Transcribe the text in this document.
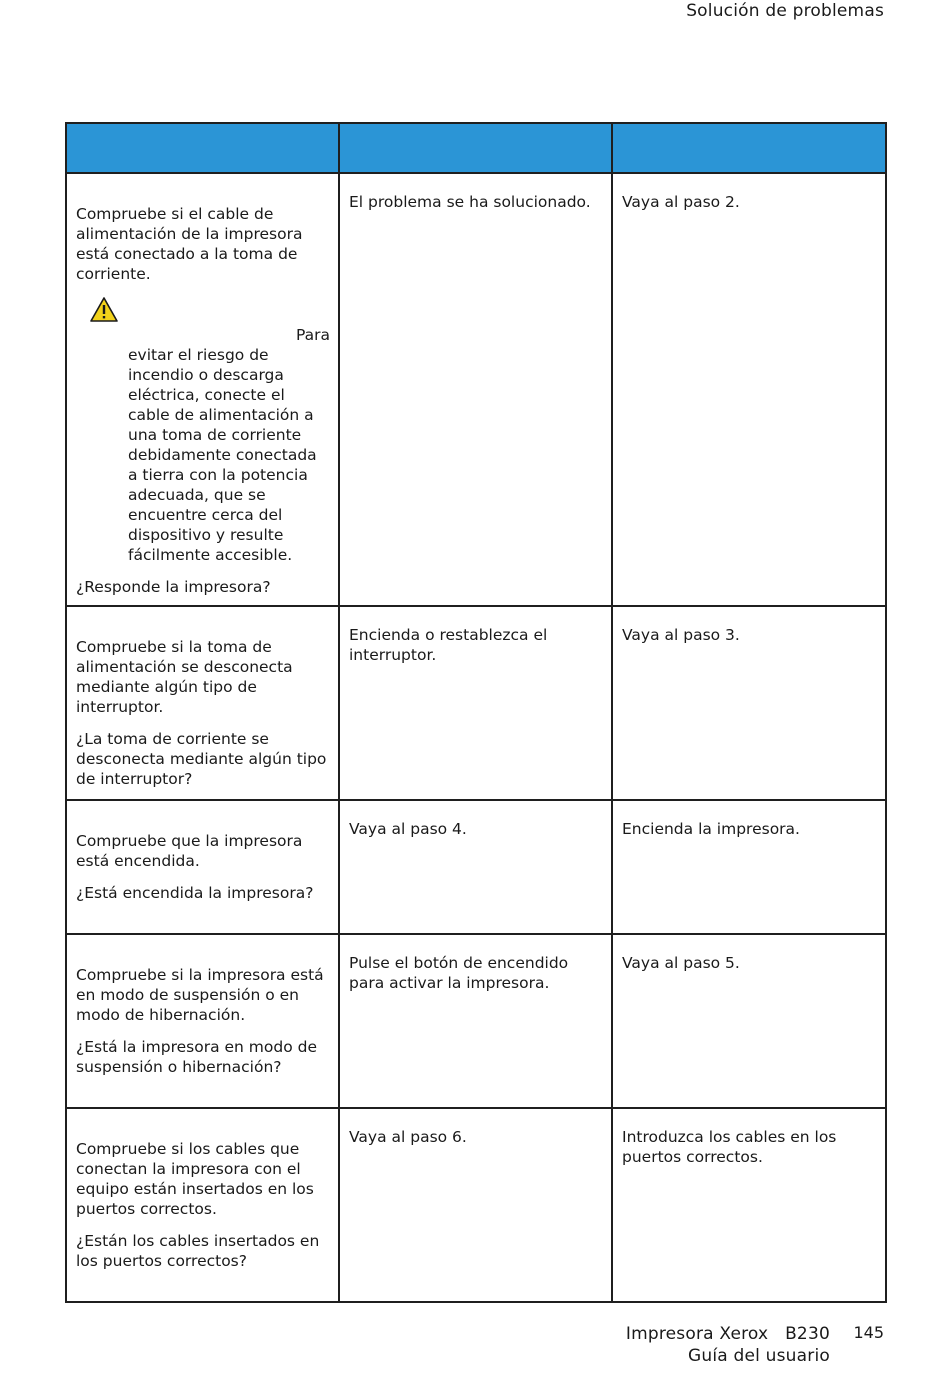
Solución de problemas

Compruebe si el cable de alimentación de la impresora está conectado a la toma de corriente.

Para
evitar el riesgo de incendio o descarga eléctrica, conecte el cable de alimentación a una toma de corriente debidamente conectada a tierra con la potencia adecuada, que se encuentre cerca del dispositivo y resulte fácilmente accesible.

¿Responde la impresora?	El problema se ha solucionado.	Vaya al paso 2.

Compruebe si la toma de alimentación se desconecta mediante algún tipo de interruptor.

¿La toma de corriente se desconecta mediante algún tipo de interruptor?	Encienda o restablezca el interruptor.	Vaya al paso 3.

Compruebe que la impresora está encendida.

¿Está encendida la impresora?	Vaya al paso 4.	Encienda la impresora.

Compruebe si la impresora está en modo de suspensión o en modo de hibernación.

¿Está la impresora en modo de suspensión o hibernación?	Pulse el botón de encendido para activar la impresora.	Vaya al paso 5.

Compruebe si los cables que conectan la impresora con el equipo están insertados en los puertos correctos.

¿Están los cables insertados en los puertos correctos?	Vaya al paso 6.	Introduzca los cables en los puertos correctos.
Impresora Xerox   B230
Guía del usuario
145
